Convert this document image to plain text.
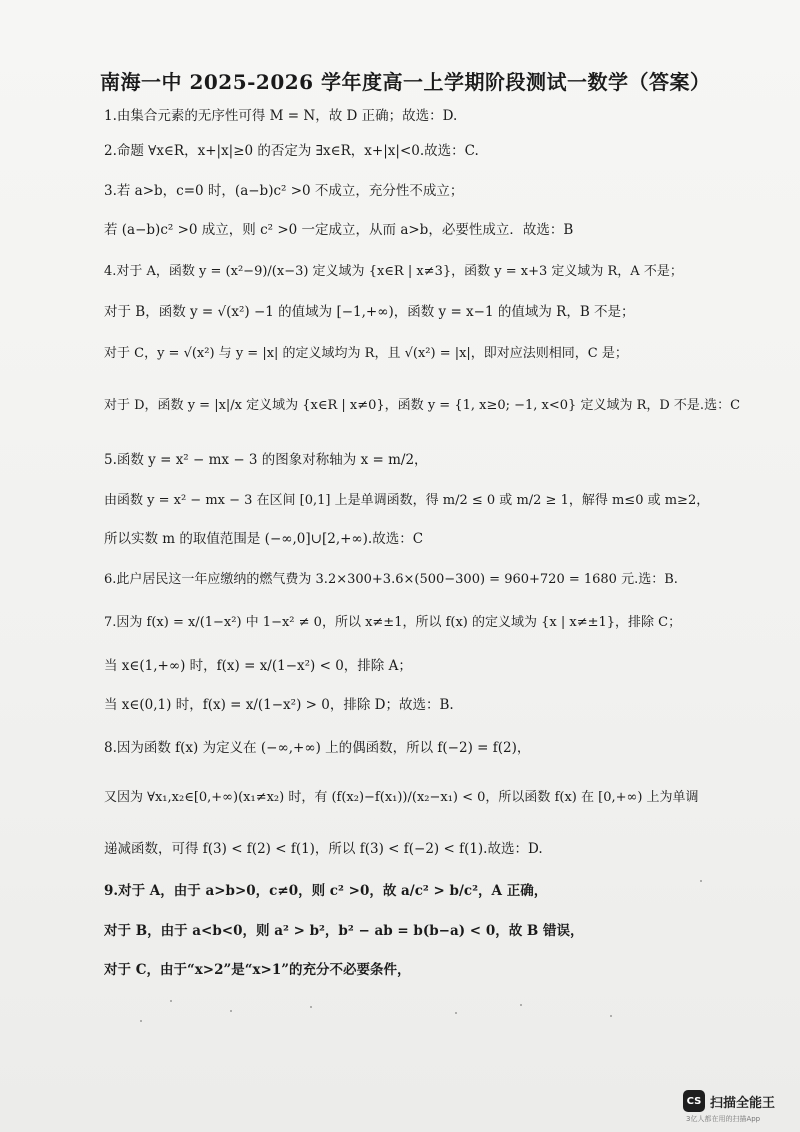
南海一中 2025-2026 学年度高一上学期阶段测试一数学（答案）
1.由集合元素的无序性可得 M = N，故 D 正确；故选：D.
2.命题 ∀x∈R，x+|x|≥0 的否定为 ∃x∈R，x+|x|<0.故选：C.
3.若 a>b，c=0 时，(a−b)c² >0 不成立，充分性不成立；
若 (a−b)c² >0 成立，则 c² >0 一定成立，从而 a>b，必要性成立．故选：B
4.对于 A，函数 y = (x²−9)/(x−3) 定义域为 {x∈R | x≠3}，函数 y = x+3 定义域为 R，A 不是；
对于 B，函数 y = √(x²) −1 的值域为 [−1,+∞)，函数 y = x−1 的值域为 R，B 不是；
对于 C，y = √(x²) 与 y = |x| 的定义域均为 R，且 √(x²) = |x|，即对应法则相同，C 是；
对于 D，函数 y = |x|/x 定义域为 {x∈R | x≠0}，函数 y = {1, x≥0; −1, x<0} 定义域为 R，D 不是.选：C
5.函数 y = x² − mx − 3 的图象对称轴为 x = m/2，
由函数 y = x² − mx − 3 在区间 [0,1] 上是单调函数，得 m/2 ≤ 0 或 m/2 ≥ 1，解得 m≤0 或 m≥2，
所以实数 m 的取值范围是 (−∞,0]∪[2,+∞).故选：C
6.此户居民这一年应缴纳的燃气费为 3.2×300+3.6×(500−300) = 960+720 = 1680 元.选：B.
7.因为 f(x) = x/(1−x²) 中 1−x² ≠ 0，所以 x≠±1，所以 f(x) 的定义域为 {x | x≠±1}，排除 C；
当 x∈(1,+∞) 时，f(x) = x/(1−x²) < 0，排除 A；
当 x∈(0,1) 时，f(x) = x/(1−x²) > 0，排除 D；故选：B.
8.因为函数 f(x) 为定义在 (−∞,+∞) 上的偶函数，所以 f(−2) = f(2)，
又因为 ∀x₁,x₂∈[0,+∞)(x₁≠x₂) 时，有 (f(x₂)−f(x₁))/(x₂−x₁) < 0，所以函数 f(x) 在 [0,+∞) 上为单调
递减函数，可得 f(3) < f(2) < f(1)，所以 f(3) < f(−2) < f(1).故选：D.
9.对于 A，由于 a>b>0，c≠0，则 c² >0，故 a/c² > b/c²，A 正确，
对于 B，由于 a<b<0，则 a² > b²，b² − ab = b(b−a) < 0，故 B 错误，
对于 C，由于“x>2”是“x>1”的充分不必要条件，
CS 扫描全能王
3亿人都在用的扫描App
